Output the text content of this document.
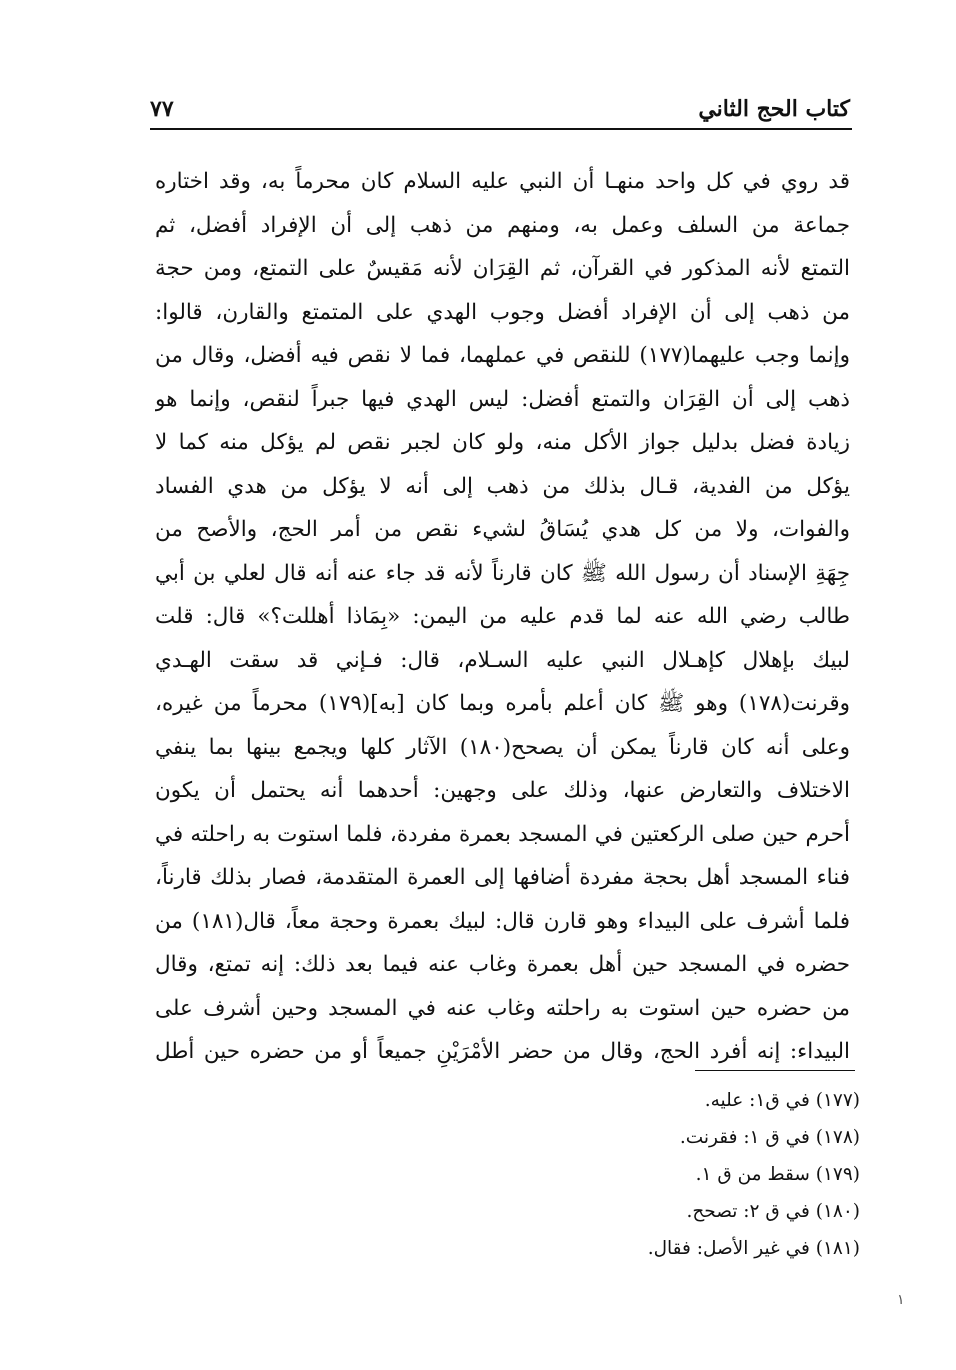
كتاب الحج الثاني
٧٧
قد روي في كل واحد منهـا أن النبي عليه السلام كان محرماً به، وقد اختاره
جماعة من السلف وعمل به، ومنهم من ذهب إلى أن الإفراد أفضل، ثم
التمتع لأنه المذكور في القرآن، ثم القِرَان لأنه مَقيسٌ على التمتع، ومن حجة
من ذهب إلى أن الإفراد أفضل وجوب الهدي على المتمتع والقارن، قالوا:
وإنما وجب عليهما(١٧٧) للنقص في عملهما، فما لا نقص فيه أفضل، وقال من
ذهب إلى أن القِرَان والتمتع أفضل: ليس الهدي فيها جبراً لنقص، وإنما هو
زيادة فضل بدليل جواز الأكل منه، ولو كان لجبر نقص لم يؤكل منه كما لا
يؤكل من الفدية، قـال بذلك من ذهب إلى أنه لا يؤكل من هدي الفساد
والفوات، ولا من كل هدي يُسَاقُ لشيء نقص من أمر الحج، والأصح من
جِهَةِ الإسناد أن رسول الله ﷺ كان قارناً لأنه قد جاء عنه أنه قال لعلي بن أبي
طالب رضي الله عنه لما قدم عليه من اليمن: «بِمَاذا أهللت؟» قال: قلت
لبيك بإهلال كإهـلال النبي عليه السـلام، قال: فـإني قد سقت الهـدي
وقرنت(١٧٨) وهو ﷺ كان أعلم بأمره وبما كان [به](١٧٩) محرماً من غيره،
وعلى أنه كان قارناً يمكن أن يصحح(١٨٠) الآثار كلها ويجمع بينها بما ينفي
الاختلاف والتعارض عنها، وذلك على وجهين: أحدهما أنه يحتمل أن يكون
أحرم حين صلى الركعتين في المسجد بعمرة مفردة، فلما استوت به راحلته في
فناء المسجد أهل بحجة مفردة أضافها إلى العمرة المتقدمة، فصار بذلك قارناً،
فلما أشرف على البيداء وهو قارن قال: لبيك بعمرة وحجة معاً، قال(١٨١) من
حضره في المسجد حين أهل بعمرة وغاب عنه فيما بعد ذلك: إنه تمتع، وقال
من حضره حين استوت به راحلته وغاب عنه في المسجد وحين أشرف على
البيداء: إنه أفرد الحج، وقال من حضر الأمْرَيْنِ جميعاً أو من حضره حين أطل
(١٧٧) في ق١: عليه.
(١٧٨) في ق ١: فقرنت.
(١٧٩) سقط من ق ١.
(١٨٠) في ق ٢: تصحح.
(١٨١) في غير الأصل: فقال.
١
